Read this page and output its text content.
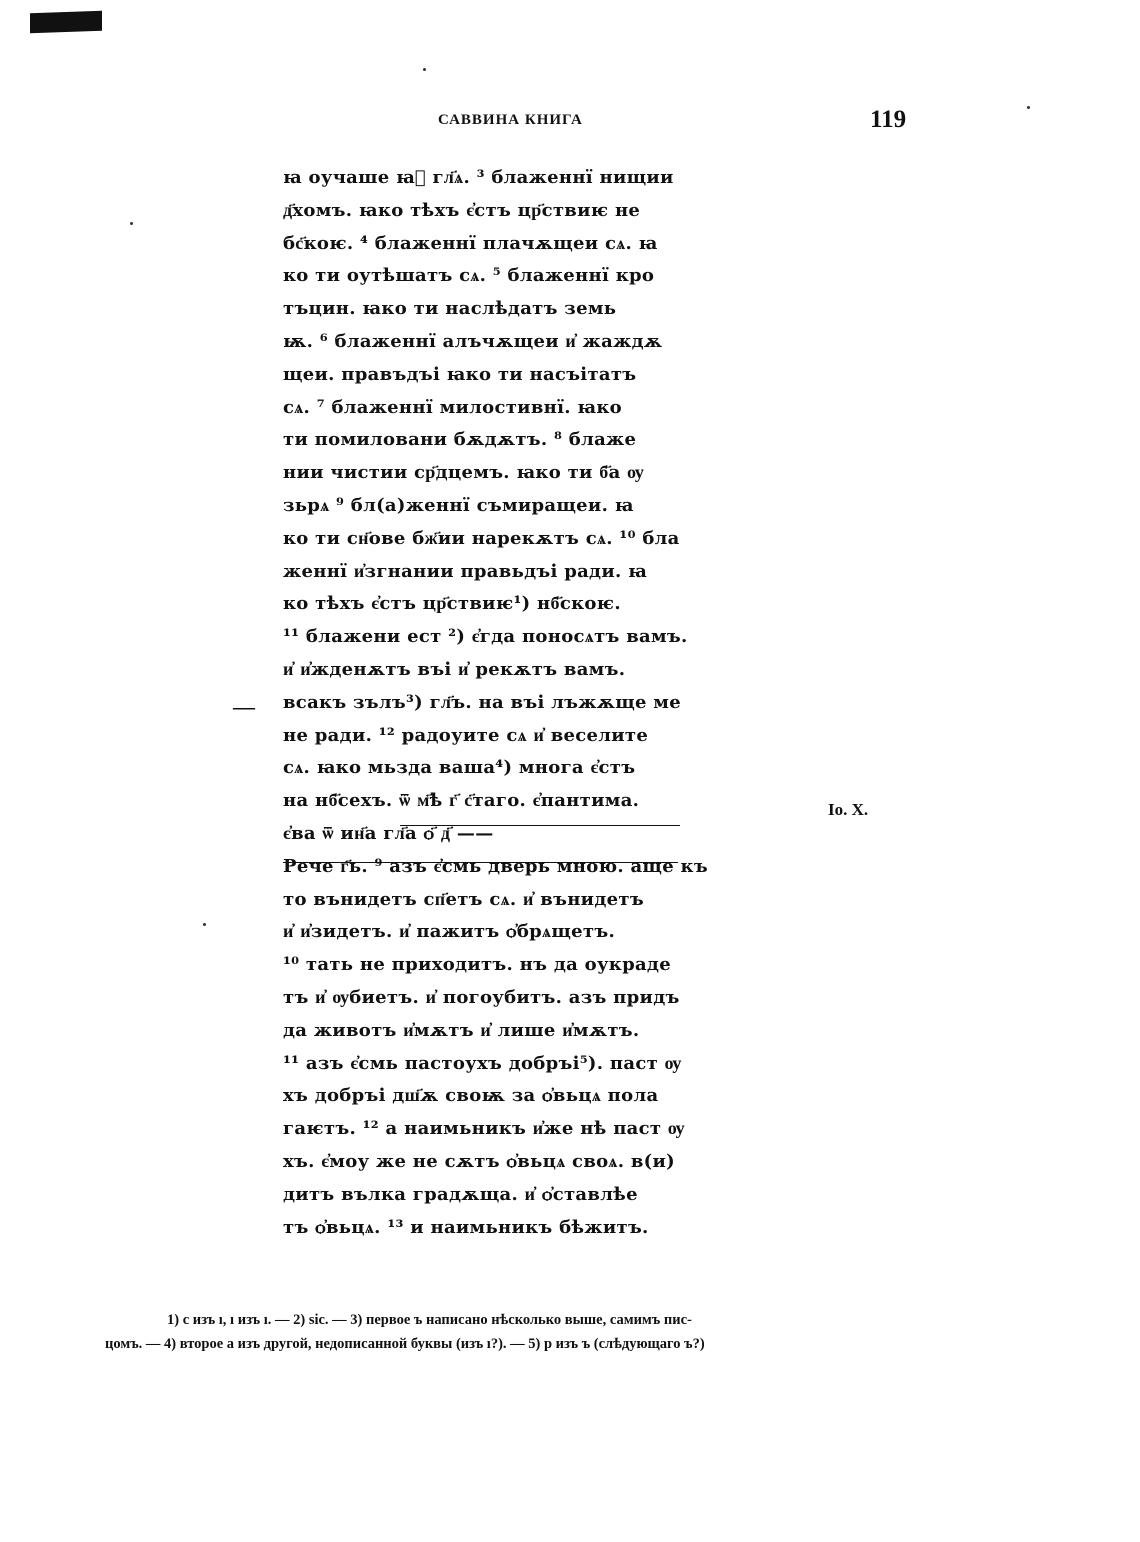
САВВИНА КНИГА	119
ꙗ оучаше ꙗ҆ гл҃ѧ. ³ блаженнї нищии
д҃хомъ. ꙗко тѣхъ є҆стъ цр҃ствиѥ не
бс҃коѥ. ⁴ блаженнї плачѫщеи сѧ. ꙗ
ко ти оутѣшатъ сѧ. ⁵ блаженнї кро
тъцин. ꙗко ти наслѣдатъ земь
ѭ. ⁶ блаженнї алъчѫщеи и҆ жаждѫ
щеи. правъдъі ꙗко ти насъітатъ
сѧ. ⁷ блаженнї милостивнї. ꙗко
ти помиловани бѫдѫтъ. ⁸ блаже
нии чистии ср҃дцемъ. ꙗко ти б҃а ѹ
зьрѧ ⁹ бл(а)женнї съмиращеи. ꙗ
ко ти сн҃ове бж҃ии нарекѫтъ сѧ. ¹⁰ бла
женнї и҆згнании правьдъі ради. ꙗ
ко тѣхъ є҆стъ цр҃ствиѥ¹) нб҃скоѥ.
¹¹ блажени ест ²) є҆гда поносѧтъ вамъ.
и҆ и҆жденѫтъ въі и҆ рекѫтъ вамъ.
всакъ зълъ³) гл҃ъ. на въі лъжѫще ме
не ради. ¹² радоуите сѧ и҆ веселите
сѧ. ꙗко мьзда ваша⁴) многа є҆стъ
на нб҃сехъ. ѿ м҃ѣ г҃ с҃таго. є҆пантима.
є҆ва ѿ ин҃а гл҃а ѻ҃ д҃ ——
Рече г҃ь. ⁹ азъ є҆смь дверь мною. аще къ
то вънидетъ сп҃етъ сѧ. и҆ вънидетъ
и҆ и҆зидетъ. и҆ пажитъ ѻ҆брѧщетъ.
¹⁰ тать не приходитъ. нъ да оукраде
тъ и҆ ѹбиетъ. и҆ погоубитъ. азъ придъ
да животъ и҆мѫтъ и҆ лише и҆мѫтъ.
¹¹ азъ є҆смь пастоухъ добръі⁵). паст ѹ
хъ добръі дш҃ѫ своѭ за ѻ҆вьцѧ пола
гаѥтъ. ¹² а наимьникъ и҆же нѣ паст ѹ
хъ. є҆моу же не сѫтъ ѻ҆вьцѧ своѧ. в(и)
дитъ вълка градѫща. и҆ ѻ҆ставлѣе
тъ ѻ҆вьцѧ. ¹³ и наимьникъ бѣжитъ.
—
Io. X.
1) с изъ ı, ı изъ ı. — 2) sic. — 3) первое ъ написано нѣсколько выше, самимъ пис-
цомъ. — 4) второе а изъ другой, недописанной буквы (изъ ı?). — 5) р изъ ъ (слѣдующаго ъ?)
